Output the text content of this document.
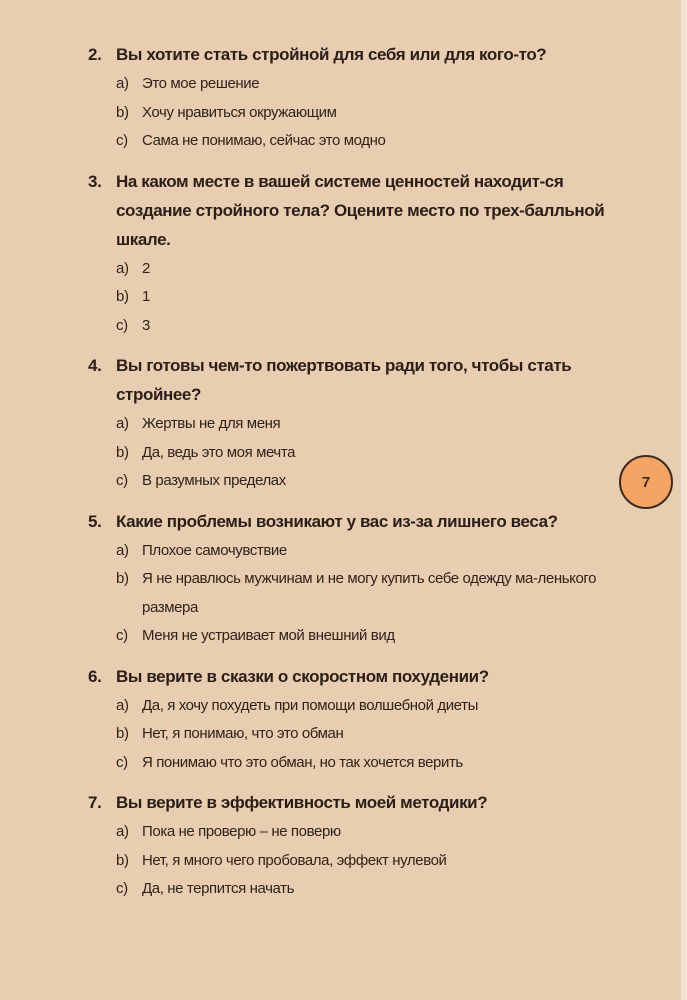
2. Вы хотите стать стройной для себя или для кого-то?
a) Это мое решение
b) Хочу нравиться окружающим
c) Сама не понимаю, сейчас это модно
3. На каком месте в вашей системе ценностей находит-ся создание стройного тела? Оцените место по трех-балльной шкале.
a) 2
b) 1
c) 3
4. Вы готовы чем-то пожертвовать ради того, чтобы стать стройнее?
a) Жертвы не для меня
b) Да, ведь это моя мечта
c) В разумных пределах
5. Какие проблемы возникают у вас из-за лишнего веса?
a) Плохое самочувствие
b) Я не нравлюсь мужчинам и не могу купить себе одежду ма-ленького размера
c) Меня не устраивает мой внешний вид
6. Вы верите в сказки о скоростном похудении?
a) Да, я хочу похудеть при помощи волшебной диеты
b) Нет, я понимаю, что это обман
c) Я понимаю что это обман, но так хочется верить
7. Вы верите в эффективность моей методики?
a) Пока не проверю – не поверю
b) Нет, я много чего пробовала, эффект нулевой
c) Да, не терпится начать
7
